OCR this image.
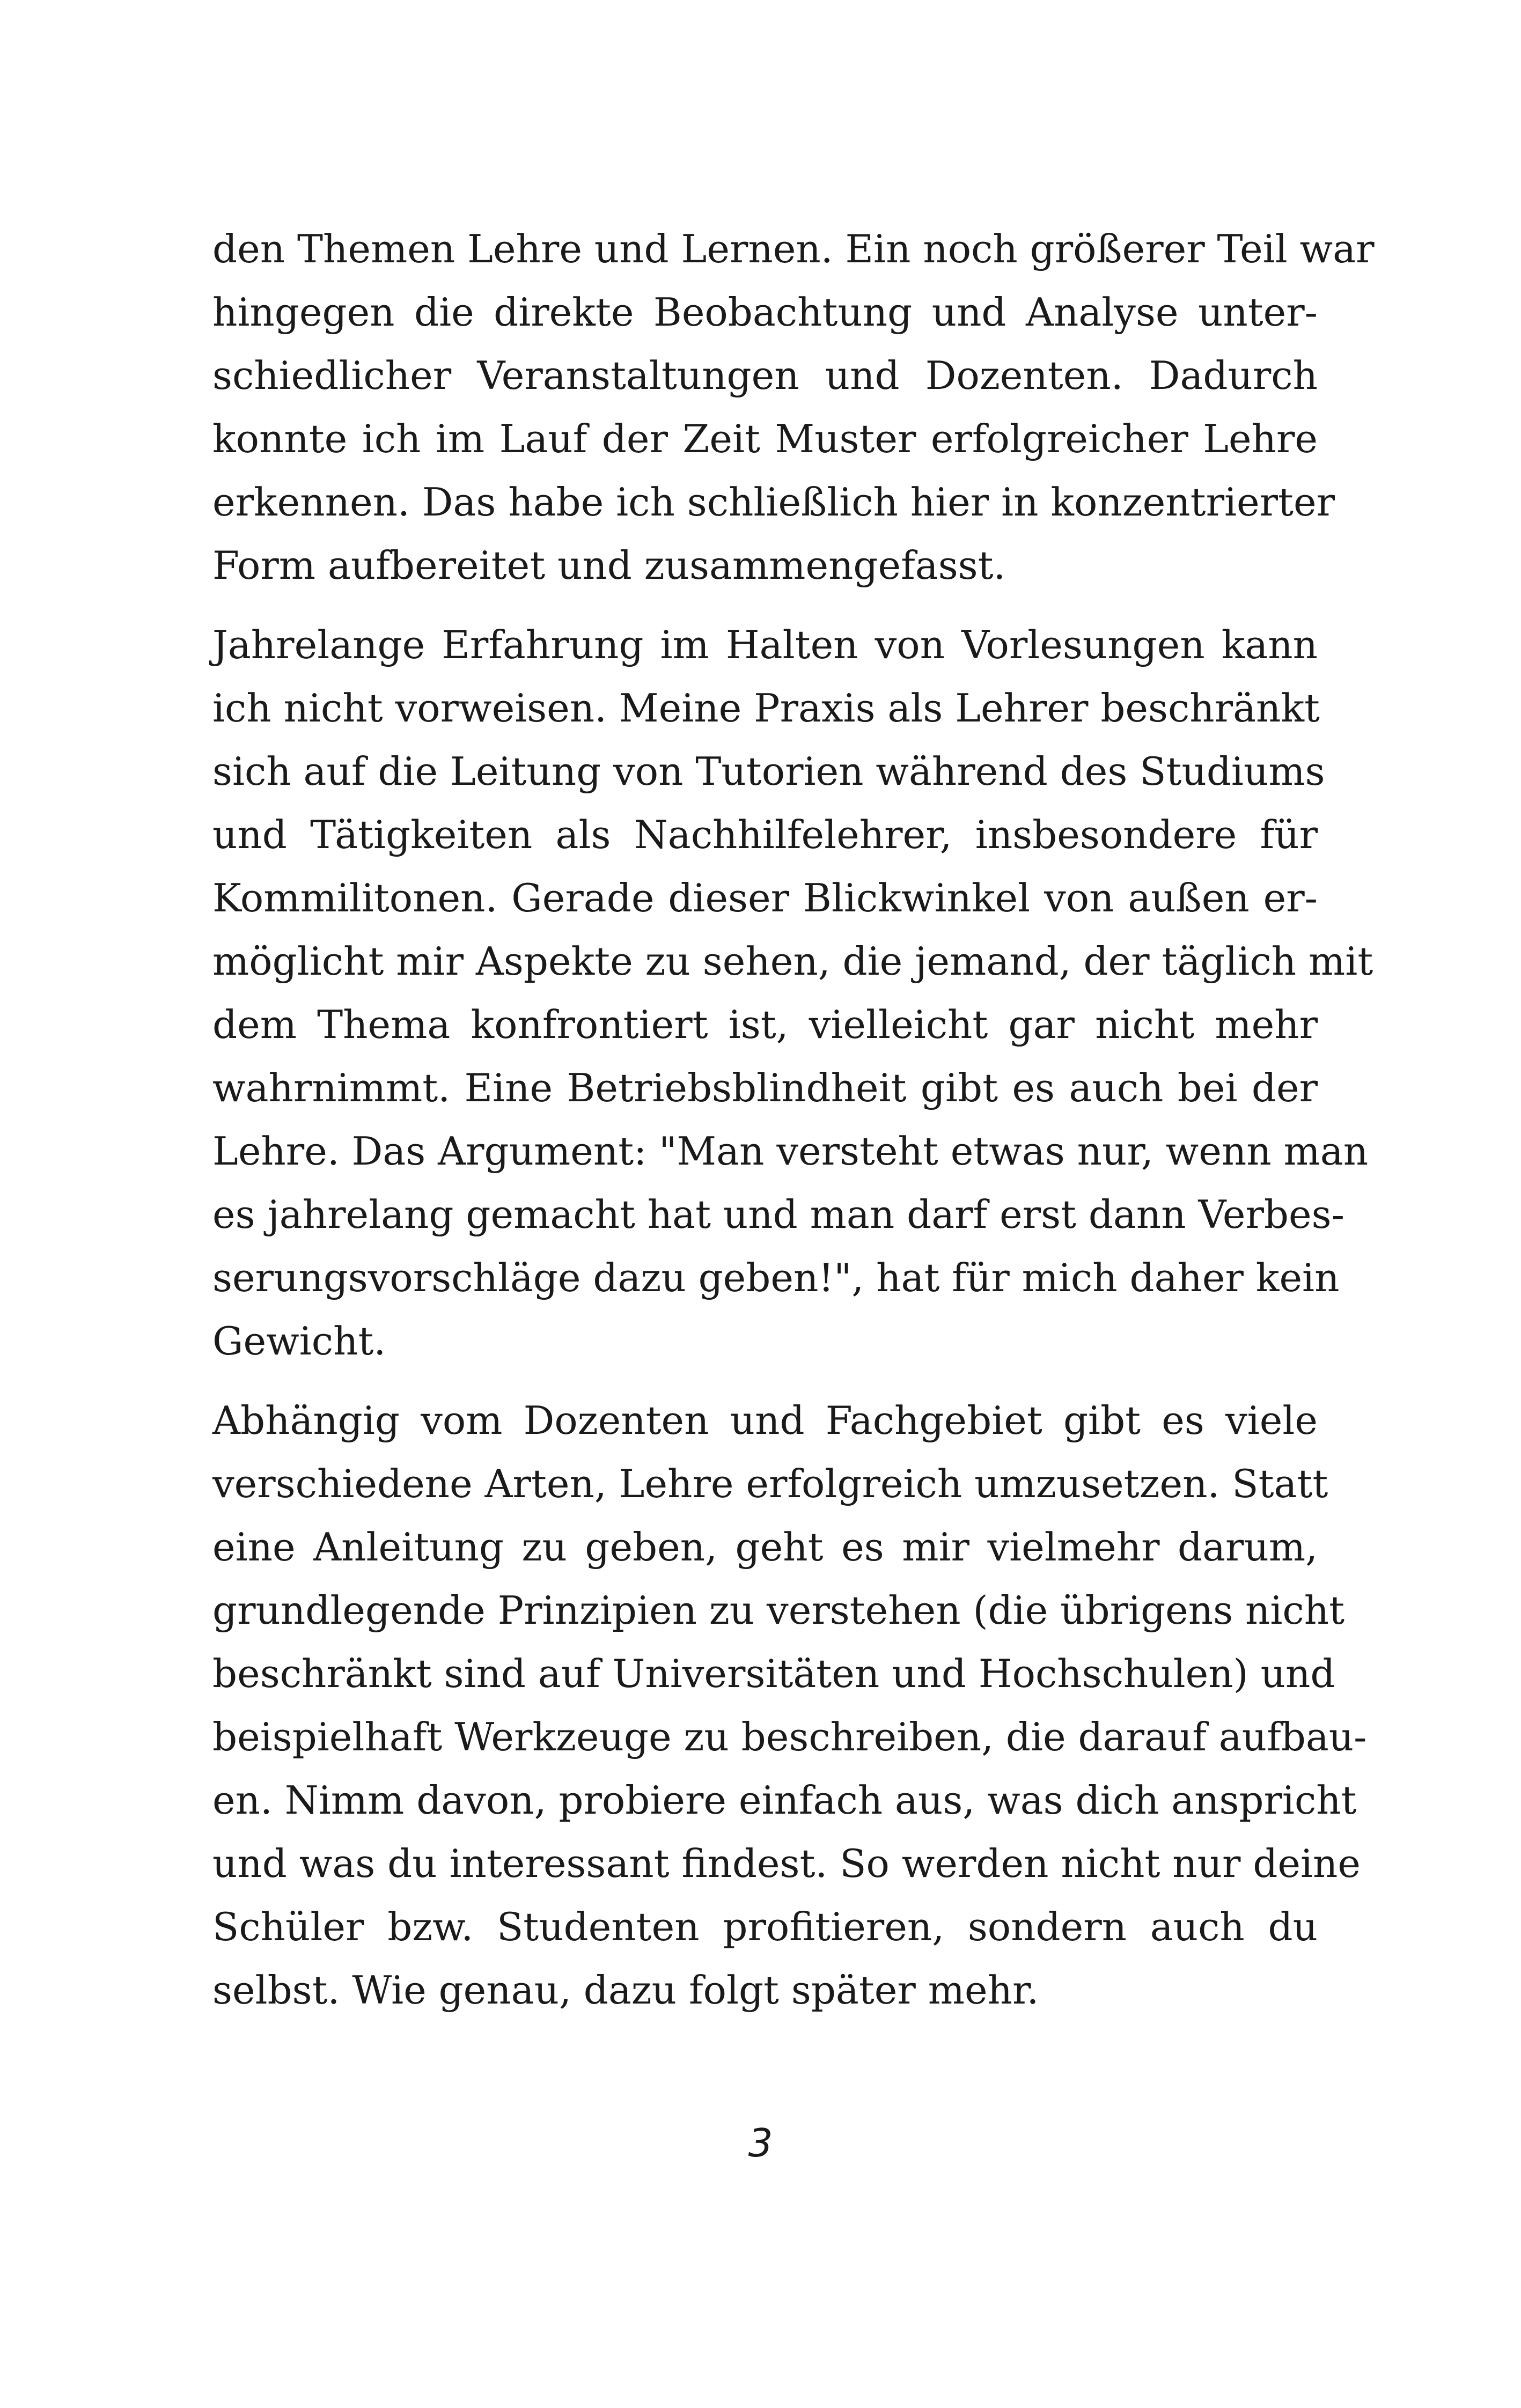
den Themen Lehre und Lernen. Ein noch größerer Teil war
hingegen die direkte Beobachtung und Analyse unter-
schiedlicher Veranstaltungen und Dozenten. Dadurch
konnte ich im Lauf der Zeit Muster erfolgreicher Lehre
erkennen. Das habe ich schließlich hier in konzentrierter
Form aufbereitet und zusammengefasst.
Jahrelange Erfahrung im Halten von Vorlesungen kann
ich nicht vorweisen. Meine Praxis als Lehrer beschränkt
sich auf die Leitung von Tutorien während des Studiums
und Tätigkeiten als Nachhilfelehrer, insbesondere für
Kommilitonen. Gerade dieser Blickwinkel von außen er-
möglicht mir Aspekte zu sehen, die jemand, der täglich mit
dem Thema konfrontiert ist, vielleicht gar nicht mehr
wahrnimmt. Eine Betriebsblindheit gibt es auch bei der
Lehre. Das Argument: "Man versteht etwas nur, wenn man
es jahrelang gemacht hat und man darf erst dann Verbes-
serungsvorschläge dazu geben!", hat für mich daher kein
Gewicht.
Abhängig vom Dozenten und Fachgebiet gibt es viele
verschiedene Arten, Lehre erfolgreich umzusetzen. Statt
eine Anleitung zu geben, geht es mir vielmehr darum,
grundlegende Prinzipien zu verstehen (die übrigens nicht
beschränkt sind auf Universitäten und Hochschulen) und
beispielhaft Werkzeuge zu beschreiben, die darauf aufbau-
en. Nimm davon, probiere einfach aus, was dich anspricht
und was du interessant findest. So werden nicht nur deine
Schüler bzw. Studenten profitieren, sondern auch du
selbst. Wie genau, dazu folgt später mehr.
3
